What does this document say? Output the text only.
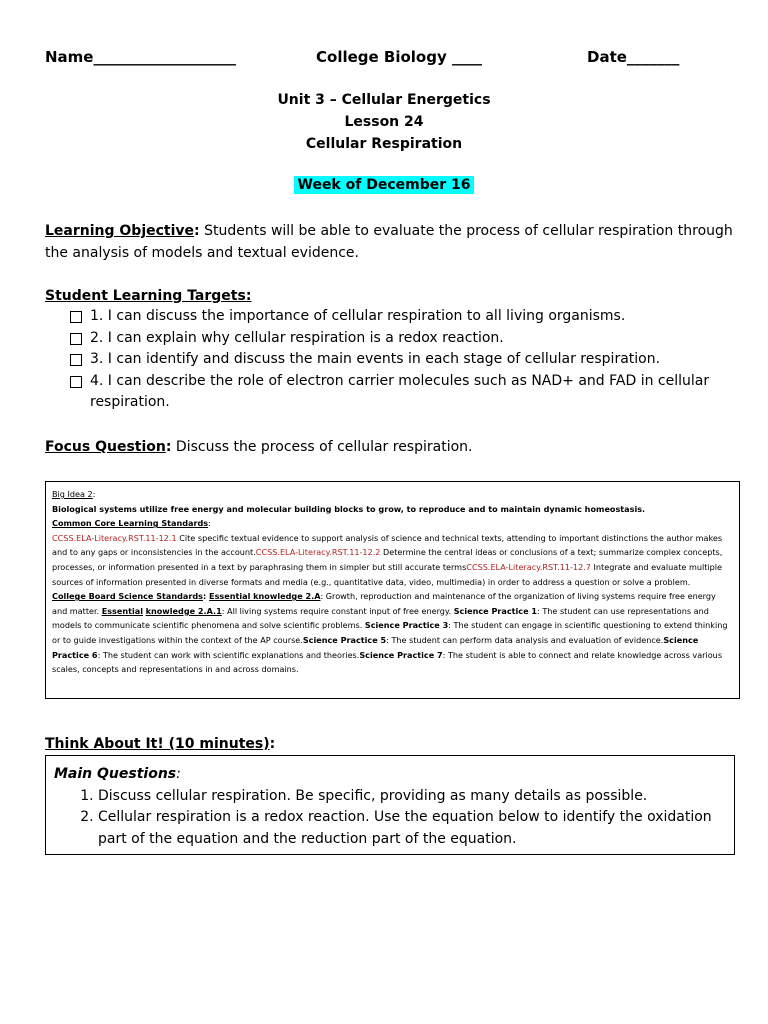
Name___________________	College Biology ____	Date_______
Unit 3 – Cellular Energetics
Lesson 24
Cellular Respiration
Week of December 16
Learning Objective: Students will be able to evaluate the process of cellular respiration through the analysis of models and textual evidence.
Student Learning Targets:
1. I can discuss the importance of cellular respiration to all living organisms.
2. I can explain why cellular respiration is a redox reaction.
3. I can identify and discuss the main events in each stage of cellular respiration.
4. I can describe the role of electron carrier molecules such as NAD+ and FAD in cellular respiration.
Focus Question: Discuss the process of cellular respiration.
Big Idea 2:
Biological systems utilize free energy and molecular building blocks to grow, to reproduce and to maintain dynamic homeostasis.
Common Core Learning Standards:
CCSS.ELA-Literacy.RST.11-12.1 Cite specific textual evidence to support analysis of science and technical texts, attending to important distinctions the author makes and to any gaps or inconsistencies in the account.CCSS.ELA-Literacy.RST.11-12.2 Determine the central ideas or conclusions of a text; summarize complex concepts, processes, or information presented in a text by paraphrasing them in simpler but still accurate termsCCSS.ELA-Literacy.RST.11-12.7 Integrate and evaluate multiple sources of information presented in diverse formats and media (e.g., quantitative data, video, multimedia) in order to address a question or solve a problem.
College Board Science Standards: Essential knowledge 2.A: Growth, reproduction and maintenance of the organization of living systems require free energy and matter. Essential knowledge 2.A.1: All living systems require constant input of free energy. Science Practice 1: The student can use representations and models to communicate scientific phenomena and solve scientific problems. Science Practice 3: The student can engage in scientific questioning to extend thinking or to guide investigations within the context of the AP course.Science Practice 5: The student can perform data analysis and evaluation of evidence.Science Practice 6: The student can work with scientific explanations and theories.Science Practice 7: The student is able to connect and relate knowledge across various scales, concepts and representations in and across domains.
Think About It! (10 minutes):
Main Questions:
1. Discuss cellular respiration. Be specific, providing as many details as possible.
2. Cellular respiration is a redox reaction. Use the equation below to identify the oxidation part of the equation and the reduction part of the equation.
